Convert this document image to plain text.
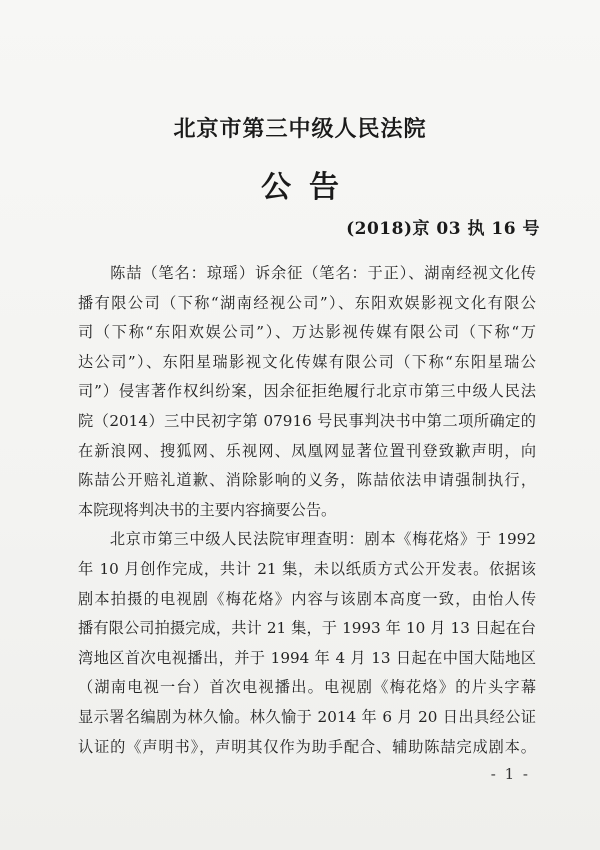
北京市第三中级人民法院
公告
(2018)京 03 执 16 号
　　陈喆（笔名：琼瑶）诉余征（笔名：于正）、湖南经视文化传
播有限公司（下称“湖南经视公司”）、东阳欢娱影视文化有限公
司（下称“东阳欢娱公司”）、万达影视传媒有限公司（下称“万
达公司”）、东阳星瑞影视文化传媒有限公司（下称“东阳星瑞公
司”）侵害著作权纠纷案，因余征拒绝履行北京市第三中级人民法
院（2014）三中民初字第 07916 号民事判决书中第二项所确定的
在新浪网、搜狐网、乐视网、凤凰网显著位置刊登致歉声明，向
陈喆公开赔礼道歉、消除影响的义务，陈喆依法申请强制执行，
本院现将判决书的主要内容摘要公告。
　　北京市第三中级人民法院审理查明：剧本《梅花烙》于 1992
年 10 月创作完成，共计 21 集，未以纸质方式公开发表。依据该
剧本拍摄的电视剧《梅花烙》内容与该剧本高度一致，由怡人传
播有限公司拍摄完成，共计 21 集，于 1993 年 10 月 13 日起在台
湾地区首次电视播出，并于 1994 年 4 月 13 日起在中国大陆地区
（湖南电视一台）首次电视播出。电视剧《梅花烙》的片头字幕
显示署名编剧为林久愉。林久愉于 2014 年 6 月 20 日出具经公证
认证的《声明书》，声明其仅作为助手配合、辅助陈喆完成剧本。
- 1 -
